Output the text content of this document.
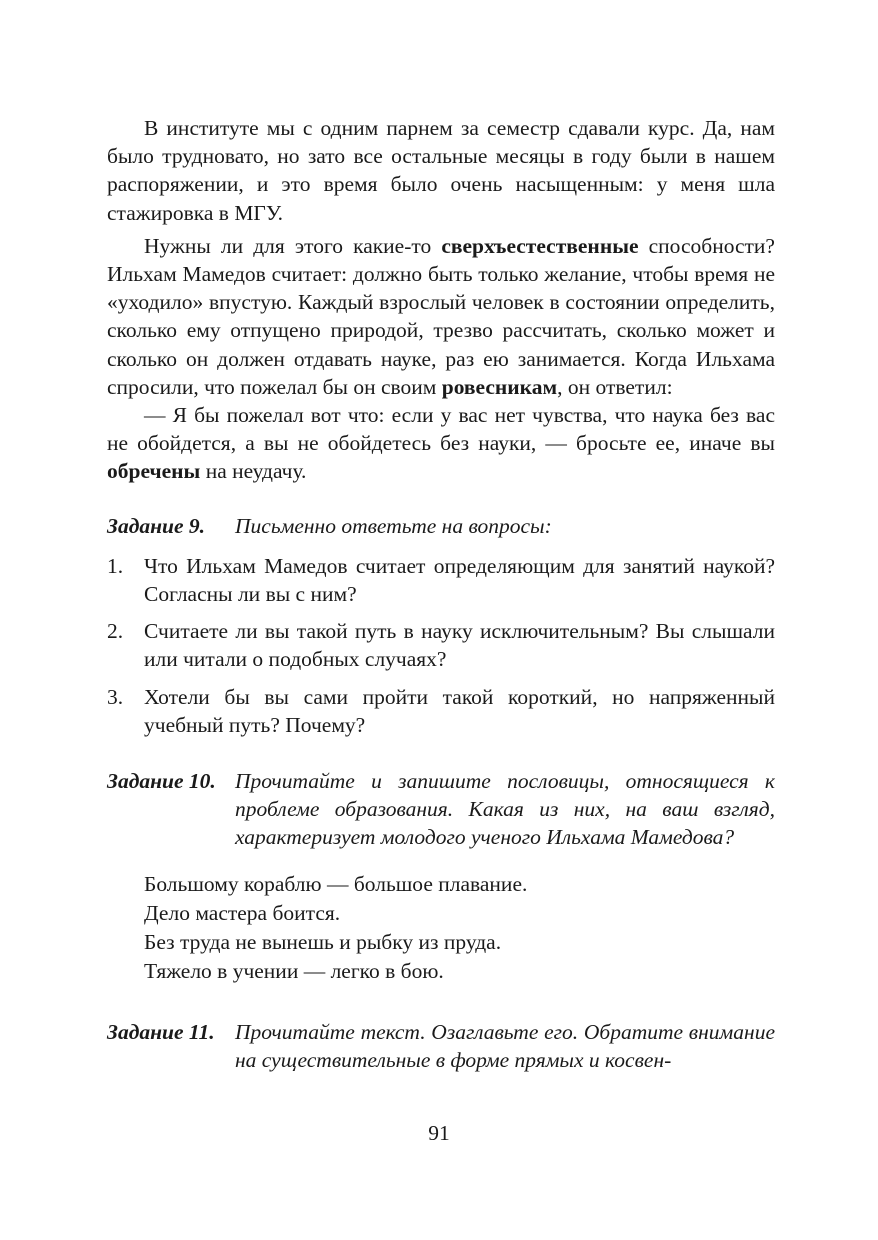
В институте мы с одним парнем за семестр сдавали курс. Да, нам было трудновато, но зато все остальные месяцы в году были в нашем распоряжении, и это время было очень насыщенным: у меня шла стажировка в МГУ.

Нужны ли для этого какие-то сверхъестественные способности? Ильхам Мамедов считает: должно быть только желание, чтобы время не «уходило» впустую. Каждый взрослый человек в состоянии определить, сколько ему отпущено природой, трезво рассчитать, сколько может и сколько он должен отдавать науке, раз ею занимается. Когда Ильхама спросили, что пожелал бы он своим ровесникам, он ответил:

— Я бы пожелал вот что: если у вас нет чувства, что наука без вас не обойдется, а вы не обойдетесь без науки, — бросьте ее, иначе вы обречены на неудачу.

Задание 9.	Письменно ответьте на вопросы:
1. Что Ильхам Мамедов считает определяющим для занятий наукой? Согласны ли вы с ним?
2. Считаете ли вы такой путь в науку исключительным? Вы слышали или читали о подобных случаях?
3. Хотели бы вы сами пройти такой короткий, но напряженный учебный путь? Почему?
Задание 10. Прочитайте и запишите пословицы, относящиеся к проблеме образования. Какая из них, на ваш взгляд, характеризует молодого ученого Ильхама Мамедова?
Большому кораблю — большое плавание.
Дело мастера боится.
Без труда не вынешь и рыбку из пруда.
Тяжело в учении — легко в бою.
Задание 11. Прочитайте текст. Озаглавьте его. Обратите внимание на существительные в форме прямых и косвен-
91
